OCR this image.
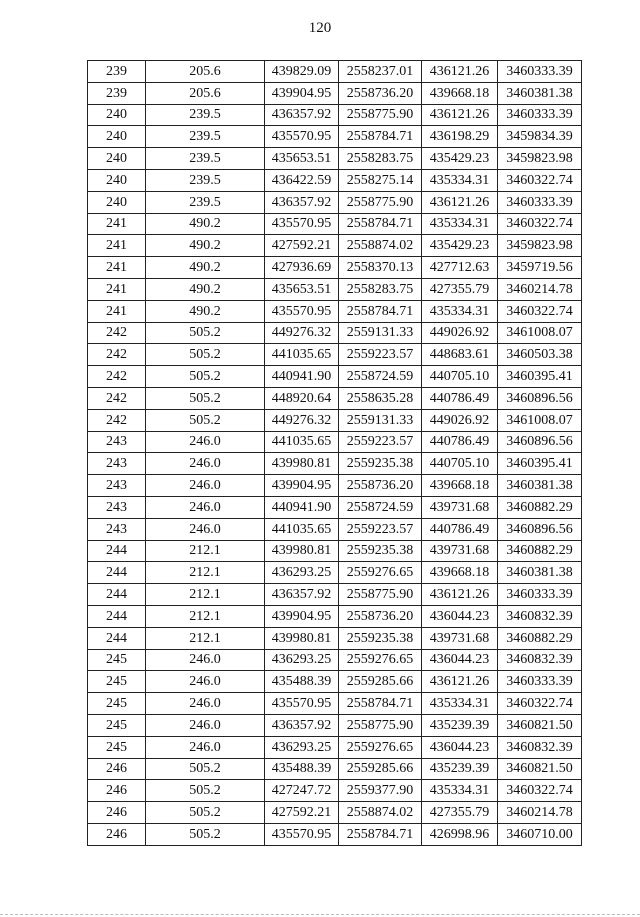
120
239	205.6	439829.09	2558237.01	436121.26	3460333.39
239	205.6	439904.95	2558736.20	439668.18	3460381.38
240	239.5	436357.92	2558775.90	436121.26	3460333.39
240	239.5	435570.95	2558784.71	436198.29	3459834.39
240	239.5	435653.51	2558283.75	435429.23	3459823.98
240	239.5	436422.59	2558275.14	435334.31	3460322.74
240	239.5	436357.92	2558775.90	436121.26	3460333.39
241	490.2	435570.95	2558784.71	435334.31	3460322.74
241	490.2	427592.21	2558874.02	435429.23	3459823.98
241	490.2	427936.69	2558370.13	427712.63	3459719.56
241	490.2	435653.51	2558283.75	427355.79	3460214.78
241	490.2	435570.95	2558784.71	435334.31	3460322.74
242	505.2	449276.32	2559131.33	449026.92	3461008.07
242	505.2	441035.65	2559223.57	448683.61	3460503.38
242	505.2	440941.90	2558724.59	440705.10	3460395.41
242	505.2	448920.64	2558635.28	440786.49	3460896.56
242	505.2	449276.32	2559131.33	449026.92	3461008.07
243	246.0	441035.65	2559223.57	440786.49	3460896.56
243	246.0	439980.81	2559235.38	440705.10	3460395.41
243	246.0	439904.95	2558736.20	439668.18	3460381.38
243	246.0	440941.90	2558724.59	439731.68	3460882.29
243	246.0	441035.65	2559223.57	440786.49	3460896.56
244	212.1	439980.81	2559235.38	439731.68	3460882.29
244	212.1	436293.25	2559276.65	439668.18	3460381.38
244	212.1	436357.92	2558775.90	436121.26	3460333.39
244	212.1	439904.95	2558736.20	436044.23	3460832.39
244	212.1	439980.81	2559235.38	439731.68	3460882.29
245	246.0	436293.25	2559276.65	436044.23	3460832.39
245	246.0	435488.39	2559285.66	436121.26	3460333.39
245	246.0	435570.95	2558784.71	435334.31	3460322.74
245	246.0	436357.92	2558775.90	435239.39	3460821.50
245	246.0	436293.25	2559276.65	436044.23	3460832.39
246	505.2	435488.39	2559285.66	435239.39	3460821.50
246	505.2	427247.72	2559377.90	435334.31	3460322.74
246	505.2	427592.21	2558874.02	427355.79	3460214.78
246	505.2	435570.95	2558784.71	426998.96	3460710.00
